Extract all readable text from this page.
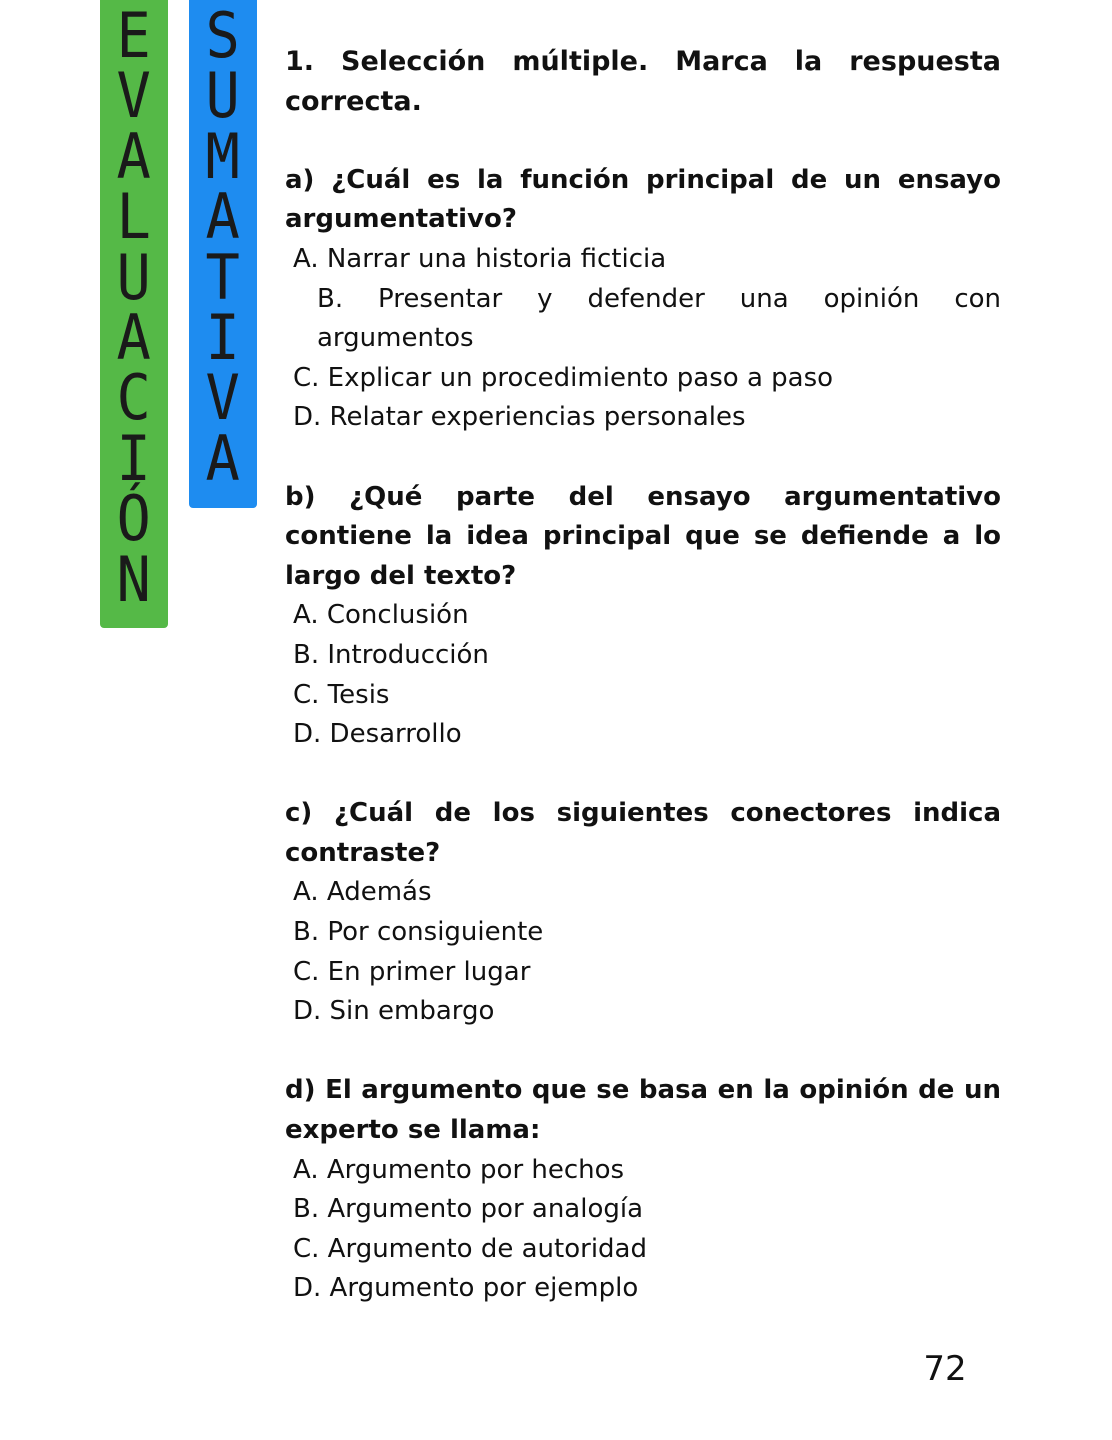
E
V
A
L
U
A
C
I
Ó
N
S
U
M
A
T
I
V
A

1. Selección múltiple. Marca la respuesta correcta.

a) ¿Cuál es la función principal de un ensayo argumentativo?

A. Narrar una historia ficticia
B. Presentar y defender una opinión con argumentos
C. Explicar un procedimiento paso a paso
D. Relatar experiencias personales

b) ¿Qué parte del ensayo argumentativo contiene la idea principal que se defiende a lo largo del texto?

A. Conclusión
B. Introducción
C. Tesis
D. Desarrollo

c) ¿Cuál de los siguientes conectores indica contraste?

A. Además
B. Por consiguiente
C. En primer lugar
D. Sin embargo

d) El argumento que se basa en la opinión de un experto se llama:

A. Argumento por hechos
B. Argumento por analogía
C. Argumento de autoridad
D. Argumento por ejemplo
72
